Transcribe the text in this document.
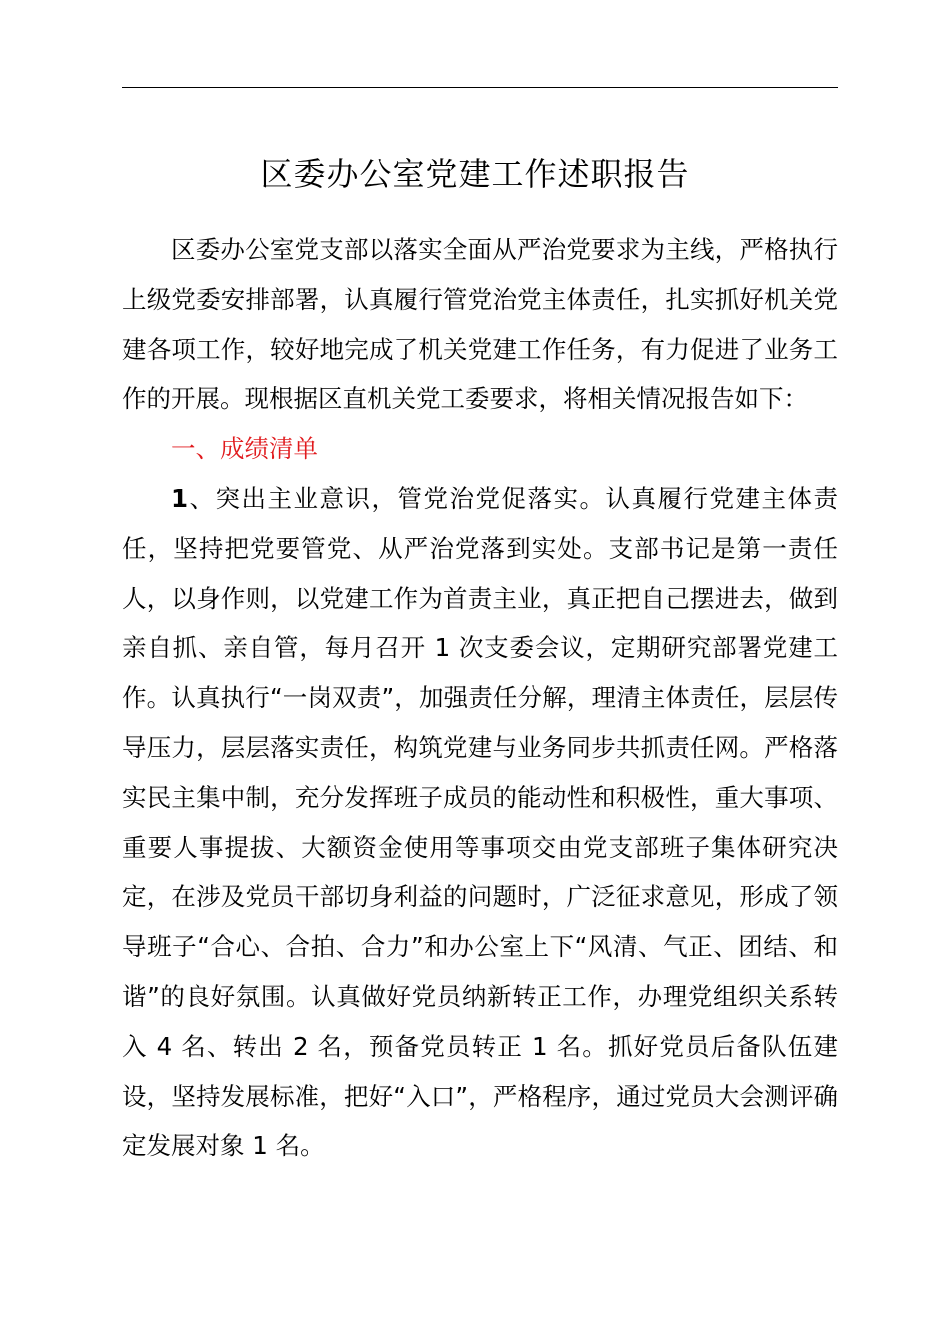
区委办公室党建工作述职报告

区委办公室党支部以落实全面从严治党要求为主线，严格执行上级党委安排部署，认真履行管党治党主体责任，扎实抓好机关党建各项工作，较好地完成了机关党建工作任务，有力促进了业务工作的开展。现根据区直机关党工委要求，将相关情况报告如下：

一、成绩清单

1、突出主业意识，管党治党促落实。认真履行党建主体责任，坚持把党要管党、从严治党落到实处。支部书记是第一责任人，以身作则，以党建工作为首责主业，真正把自己摆进去，做到亲自抓、亲自管，每月召开 1 次支委会议，定期研究部署党建工作。认真执行“一岗双责”，加强责任分解，理清主体责任，层层传导压力，层层落实责任，构筑党建与业务同步共抓责任网。严格落实民主集中制，充分发挥班子成员的能动性和积极性，重大事项、重要人事提拔、大额资金使用等事项交由党支部班子集体研究决定，在涉及党员干部切身利益的问题时，广泛征求意见，形成了领导班子“合心、合拍、合力”和办公室上下“风清、气正、团结、和谐”的良好氛围。认真做好党员纳新转正工作，办理党组织关系转入 4 名、转出 2 名，预备党员转正 1 名。抓好党员后备队伍建设，坚持发展标准，把好“入口”，严格程序，通过党员大会测评确定发展对象 1 名。
